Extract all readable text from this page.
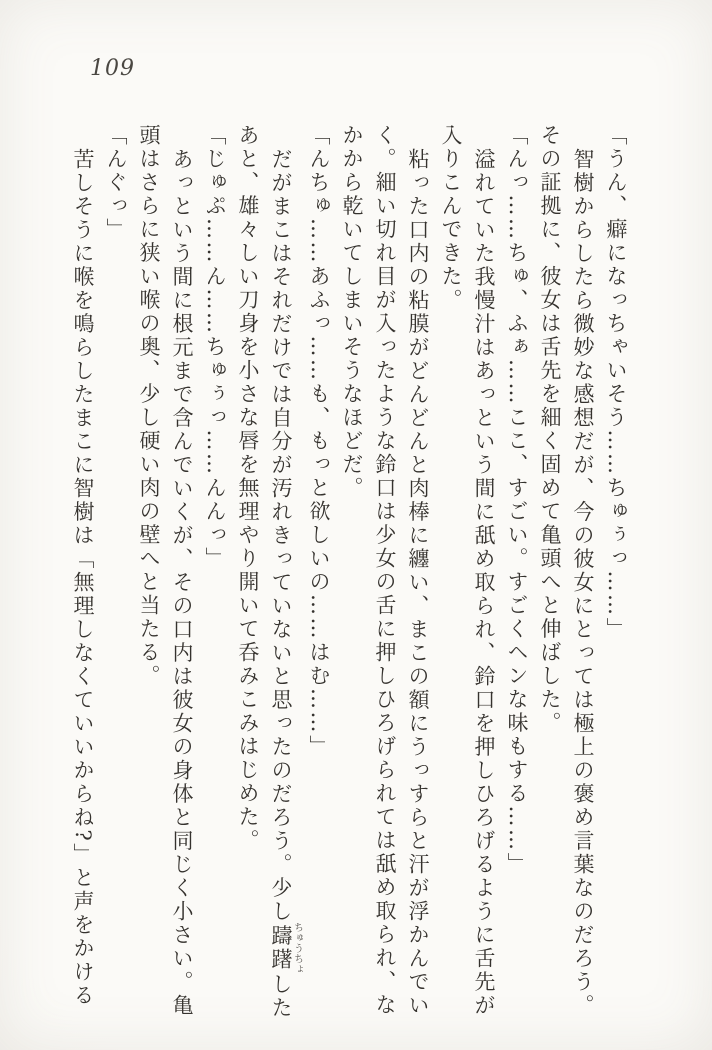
109

「うん、癖になっちゃいそう……ちゅぅっ……」

智樹からしたら微妙な感想だが、今の彼女にとっては極上の褒め言葉なのだろう。

その証拠に、彼女は舌先を細く固めて亀頭へと伸ばした。

「んっ……ちゅ、ふぁ……ここ、すごい。すごくヘンな味もする……」

溢れていた我慢汁はあっという間に舐め取られ、鈴口を押しひろげるように舌先が

入りこんできた。

粘った口内の粘膜がどんどんと肉棒に纏い、まこの額にうっすらと汗が浮かんでい

く。細い切れ目が入ったような鈴口は少女の舌に押しひろげられては舐め取られ、な

かから乾いてしまいそうなほどだ。

「んちゅ……あふっ……も、もっと欲しいの……はむ……」

だがまこはそれだけでは自分が汚れきっていないと思ったのだろう。少し躊躇ちゅうちょした

あと、雄々しい刀身を小さな唇を無理やり開いて呑みこみはじめた。

「じゅぷ……ん……ちゅぅっ……んんっ」

あっという間に根元まで含んでいくが、その口内は彼女の身体と同じく小さい。亀

頭はさらに狭い喉の奥、少し硬い肉の壁へと当たる。

「んぐっ」

苦しそうに喉を鳴らしたまこに智樹は「無理しなくていいからね?」と声をかける
